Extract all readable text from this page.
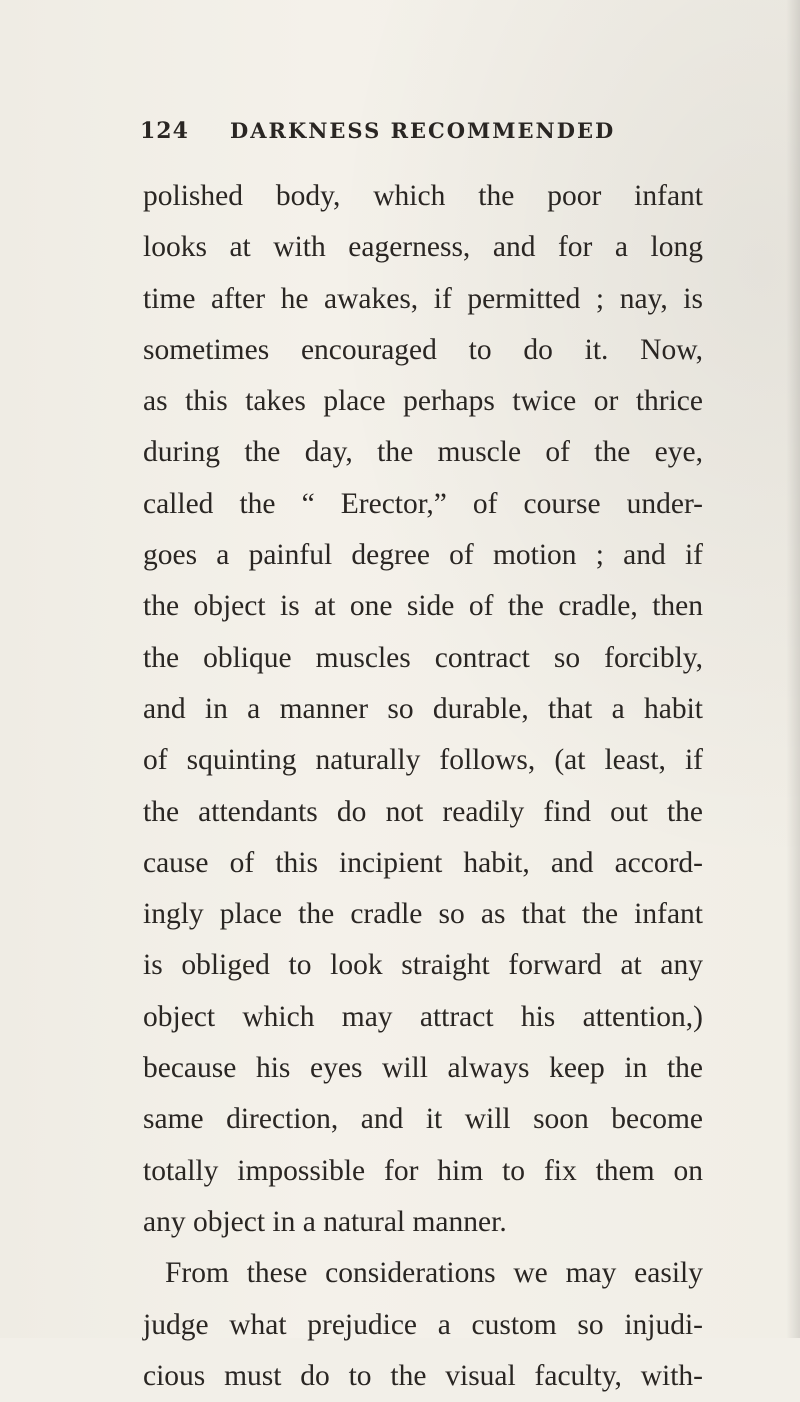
124 DARKNESS RECOMMENDED
polished body, which the poor infant
looks at with eagerness, and for a long
time after he awakes, if permitted ; nay, is
sometimes encouraged to do it. Now,
as this takes place perhaps twice or thrice
during the day, the muscle of the eye,
called the “ Erector,” of course under-
goes a painful degree of motion ; and if
the object is at one side of the cradle, then
the oblique muscles contract so forcibly,
and in a manner so durable, that a habit
of squinting naturally follows, (at least, if
the attendants do not readily find out the
cause of this incipient habit, and accord-
ingly place the cradle so as that the infant
is obliged to look straight forward at any
object which may attract his attention,)
because his eyes will always keep in the
same direction, and it will soon become
totally impossible for him to fix them on
any object in a natural manner.
From these considerations we may easily
judge what prejudice a custom so injudi-
cious must do to the visual faculty, with-
